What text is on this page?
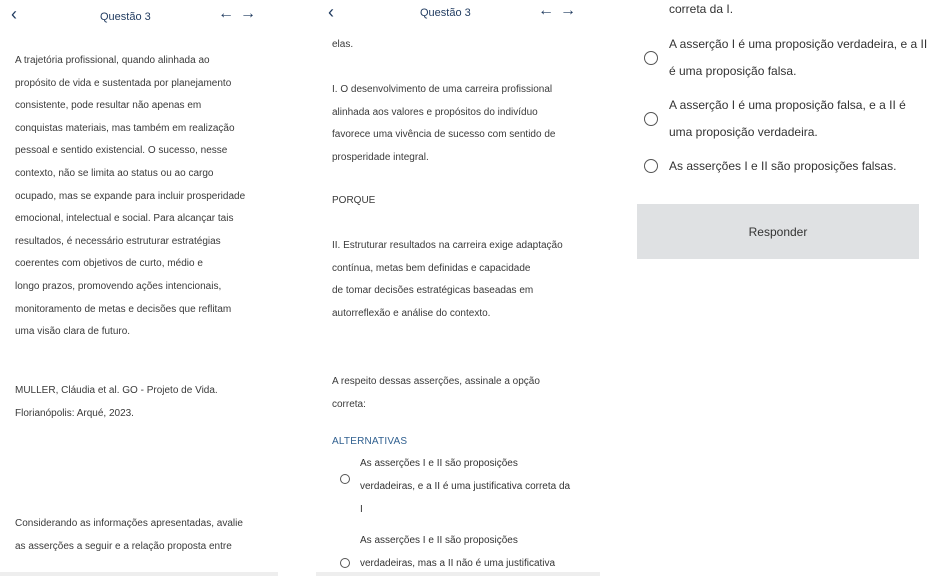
‹	Questão 3	←→
A trajetória profissional, quando alinhada ao
propósito de vida e sustentada por planejamento
consistente, pode resultar não apenas em
conquistas materiais, mas também em realização
pessoal e sentido existencial. O sucesso, nesse
contexto, não se limita ao status ou ao cargo
ocupado, mas se expande para incluir prosperidade
emocional, intelectual e social. Para alcançar tais
resultados, é necessário estruturar estratégias
coerentes com objetivos de curto, médio e
longo prazos, promovendo ações intencionais,
monitoramento de metas e decisões que reflitam
uma visão clara de futuro.
MULLER, Cláudia et al. GO - Projeto de Vida.
Florianópolis: Arqué, 2023.
Considerando as informações apresentadas, avalie
as asserções a seguir e a relação proposta entre
‹	Questão 3	←→
elas.
I. O desenvolvimento de uma carreira profissional
alinhada aos valores e propósitos do indivíduo
favorece uma vivência de sucesso com sentido de
prosperidade integral.
PORQUE
II. Estruturar resultados na carreira exige adaptação
contínua, metas bem definidas e capacidade
de tomar decisões estratégicas baseadas em
autorreflexão e análise do contexto.
A respeito dessas asserções, assinale a opção
correta:
ALTERNATIVAS
As asserções I e II são proposições
verdadeiras, e a II é uma justificativa correta da
I
As asserções I e II são proposições
verdadeiras, mas a II não é uma justificativa
correta da I.
A asserção I é uma proposição verdadeira, e a II
é uma proposição falsa.
A asserção I é uma proposição falsa, e a II é
uma proposição verdadeira.
As asserções I e II são proposições falsas.
Responder
